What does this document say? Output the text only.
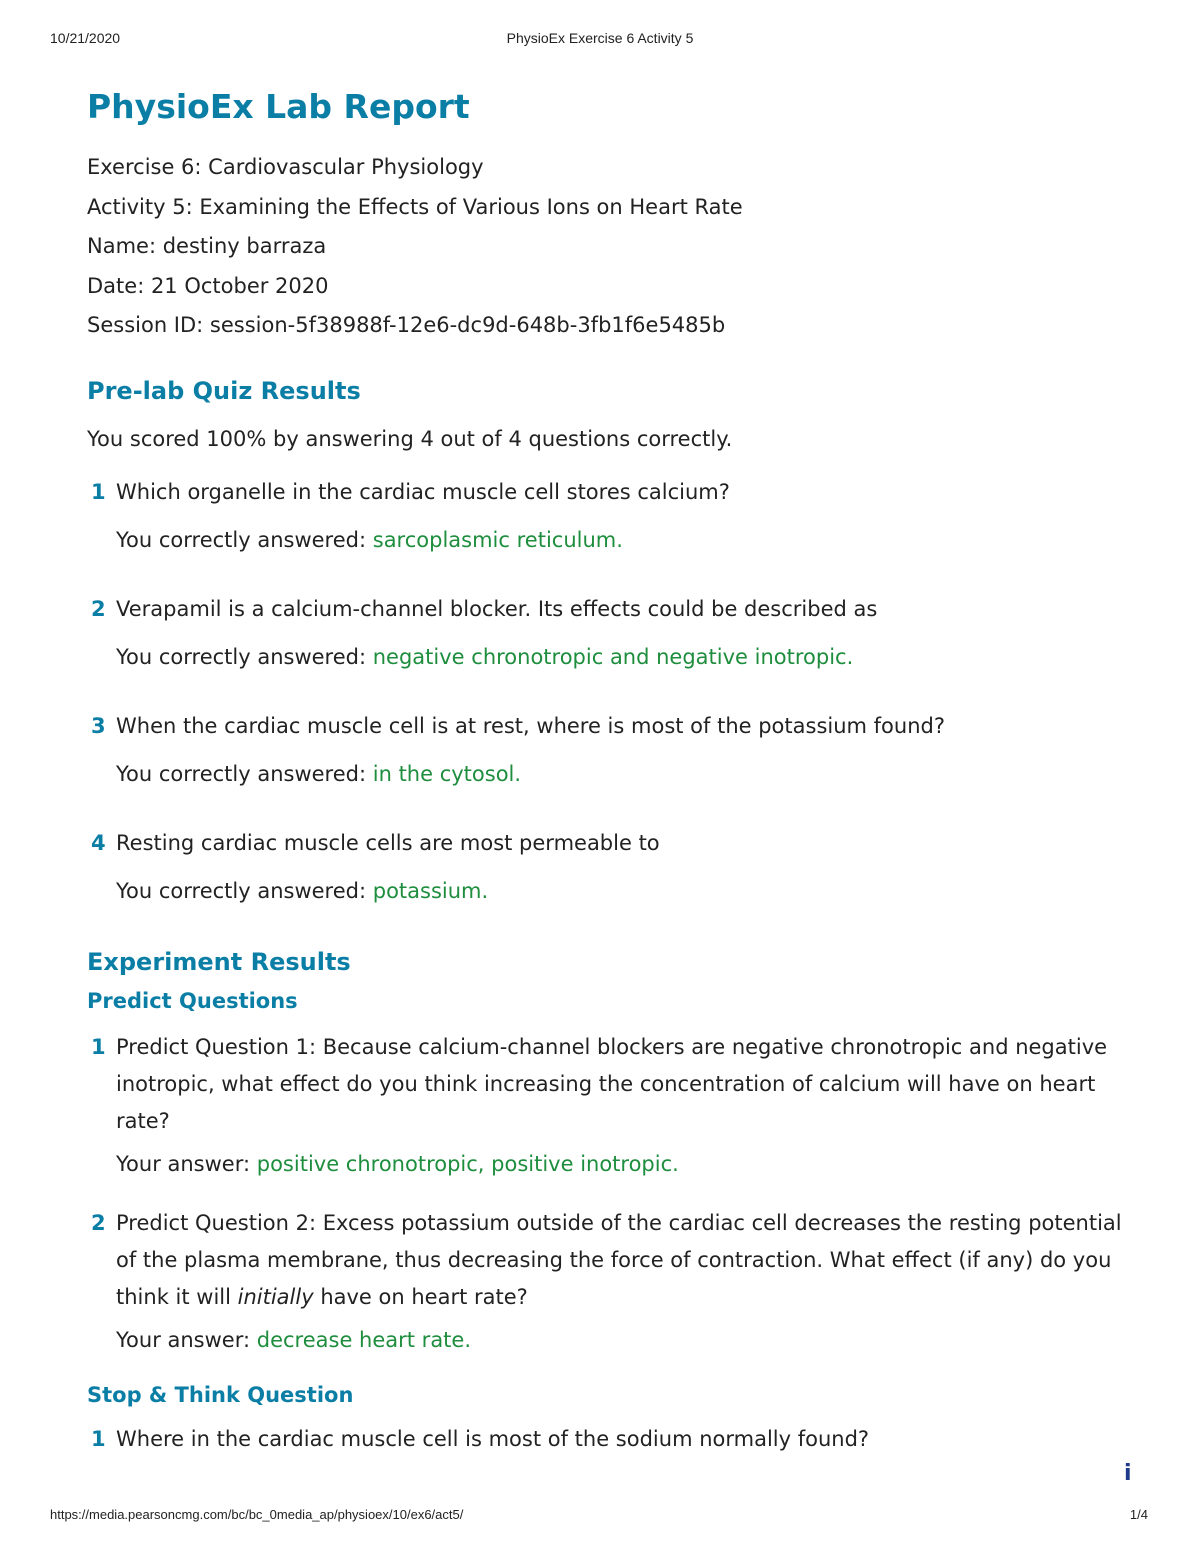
10/21/2020	PhysioEx Exercise 6 Activity 5
PhysioEx Lab Report
Exercise 6: Cardiovascular Physiology
Activity 5: Examining the Effects of Various Ions on Heart Rate
Name: destiny barraza
Date: 21 October 2020
Session ID: session-5f38988f-12e6-dc9d-648b-3fb1f6e5485b
Pre-lab Quiz Results
You scored 100% by answering 4 out of 4 questions correctly.
1 Which organelle in the cardiac muscle cell stores calcium?
You correctly answered: sarcoplasmic reticulum.
2 Verapamil is a calcium-channel blocker. Its effects could be described as
You correctly answered: negative chronotropic and negative inotropic.
3 When the cardiac muscle cell is at rest, where is most of the potassium found?
You correctly answered: in the cytosol.
4 Resting cardiac muscle cells are most permeable to
You correctly answered: potassium.
Experiment Results
Predict Questions
1 Predict Question 1: Because calcium-channel blockers are negative chronotropic and negative inotropic, what effect do you think increasing the concentration of calcium will have on heart rate?
Your answer: positive chronotropic, positive inotropic.
2 Predict Question 2: Excess potassium outside of the cardiac cell decreases the resting potential of the plasma membrane, thus decreasing the force of contraction. What effect (if any) do you think it will initially have on heart rate?
Your answer: decrease heart rate.
Stop & Think Question
1 Where in the cardiac muscle cell is most of the sodium normally found?
i
https://media.pearsoncmg.com/bc/bc_0media_ap/physioex/10/ex6/act5/	1/4
